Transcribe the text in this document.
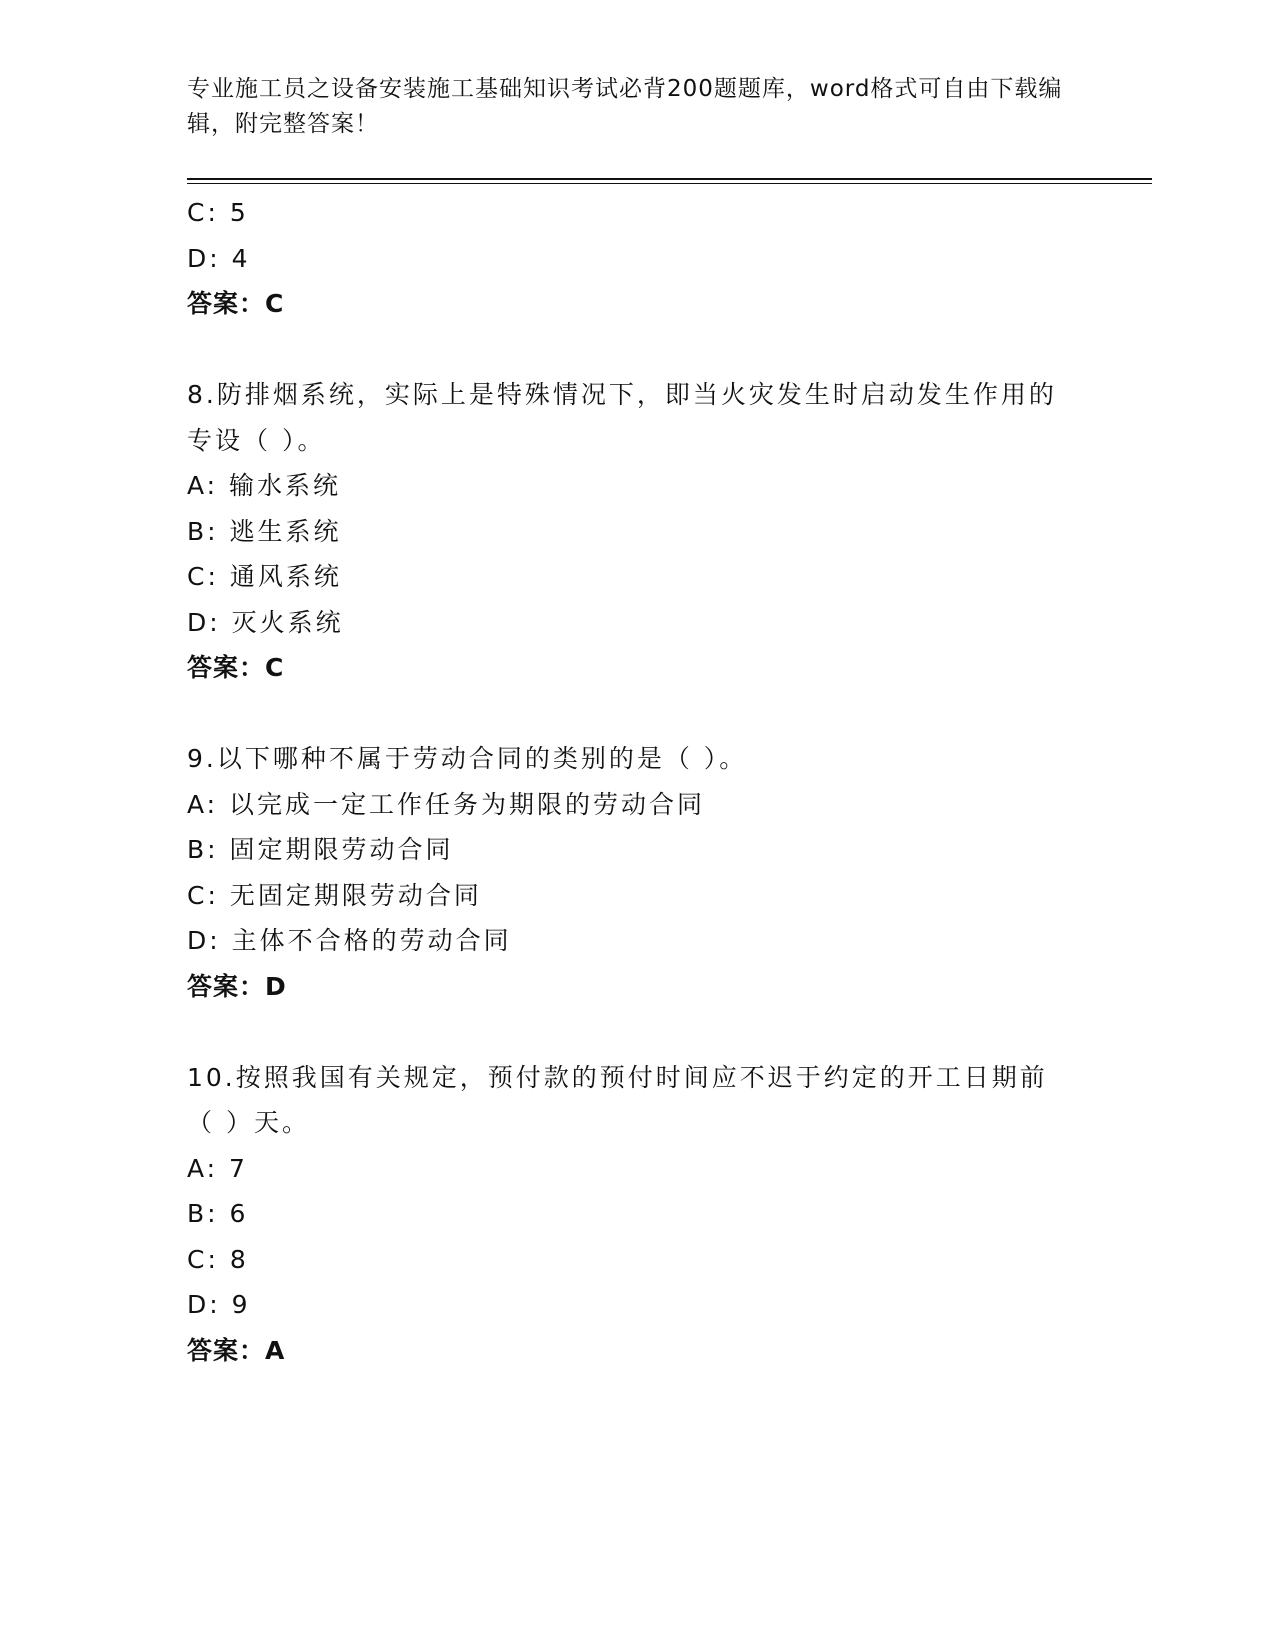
专业施工员之设备安装施工基础知识考试必背200题题库，word格式可自由下载编辑，附完整答案！
C: 5
D: 4
答案：C
8.防排烟系统，实际上是特殊情况下，即当火灾发生时启动发生作用的专设（ ）。
A: 输水系统
B: 逃生系统
C: 通风系统
D: 灭火系统
答案：C
9.以下哪种不属于劳动合同的类别的是（ ）。
A: 以完成一定工作任务为期限的劳动合同
B: 固定期限劳动合同
C: 无固定期限劳动合同
D: 主体不合格的劳动合同
答案：D
10.按照我国有关规定，预付款的预付时间应不迟于约定的开工日期前（ ）天。
A: 7
B: 6
C: 8
D: 9
答案：A
